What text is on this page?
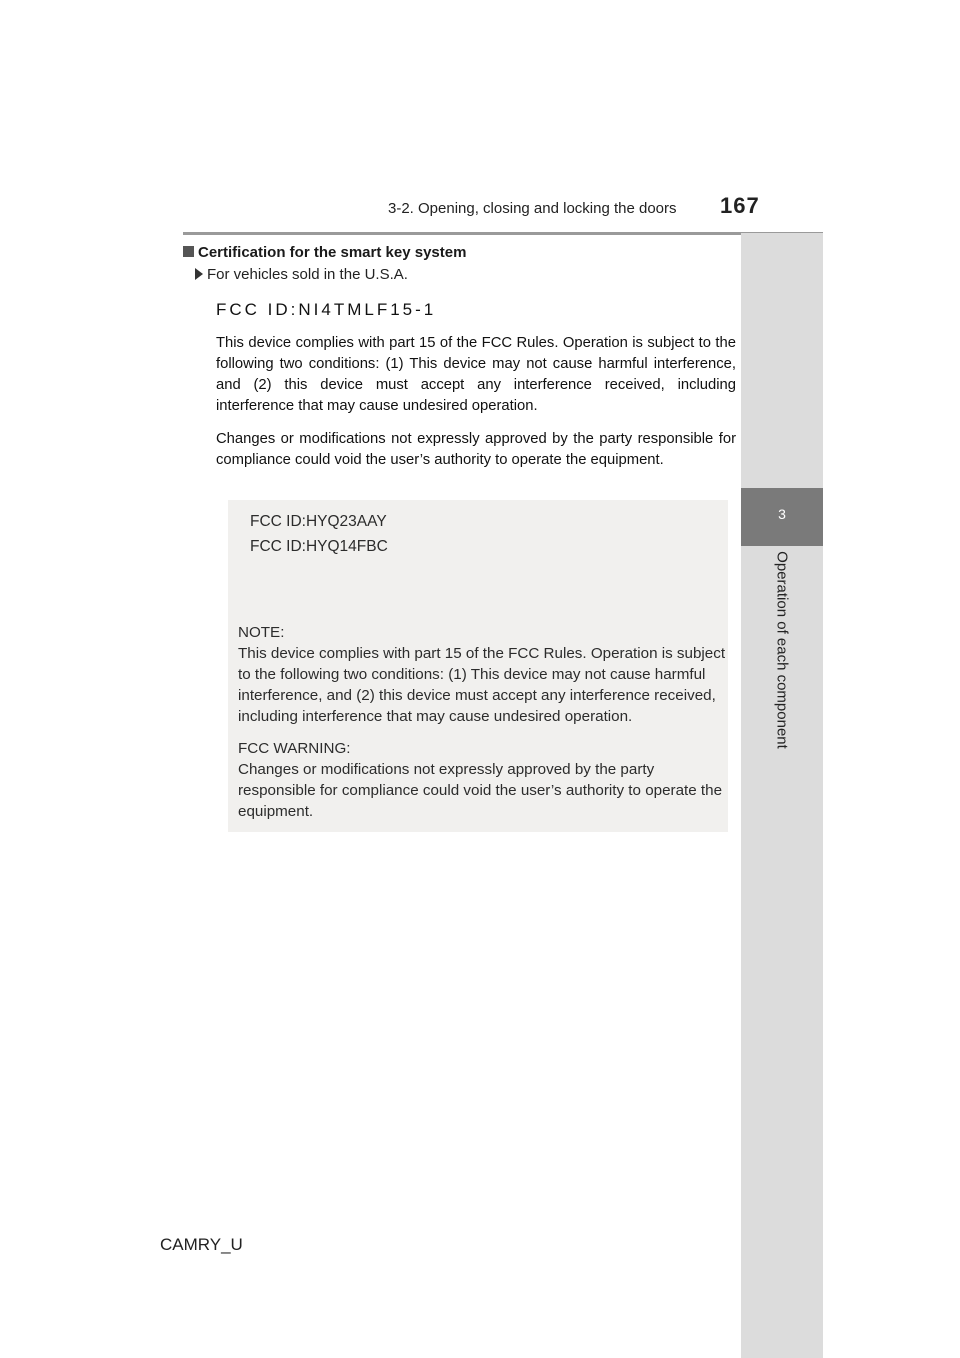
3-2. Opening, closing and locking the doors 167
3
Operation of each component
Certification for the smart key system
For vehicles sold in the U.S.A.
FCC ID:NI4TMLF15-1

This device complies with part 15 of the FCC Rules. Operation is subject to the following two conditions: (1) This device may not cause harmful interference, and (2) this device must accept any interference received, including interference that may cause undesired operation.

Changes or modifications not expressly approved by the party responsible for compliance could void the user’s authority to operate the equipment.

FCC ID:HYQ23AAY
FCC ID:HYQ14FBC
NOTE:
This device complies with part 15 of the FCC Rules. Operation is subject to the following two conditions: (1) This device may not cause harmful interference, and (2) this device must accept any interference received, including interference that may cause undesired operation.
FCC WARNING:
Changes or modifications not expressly approved by the party responsible for compliance could void the user’s authority to operate the equipment.
CAMRY_U
